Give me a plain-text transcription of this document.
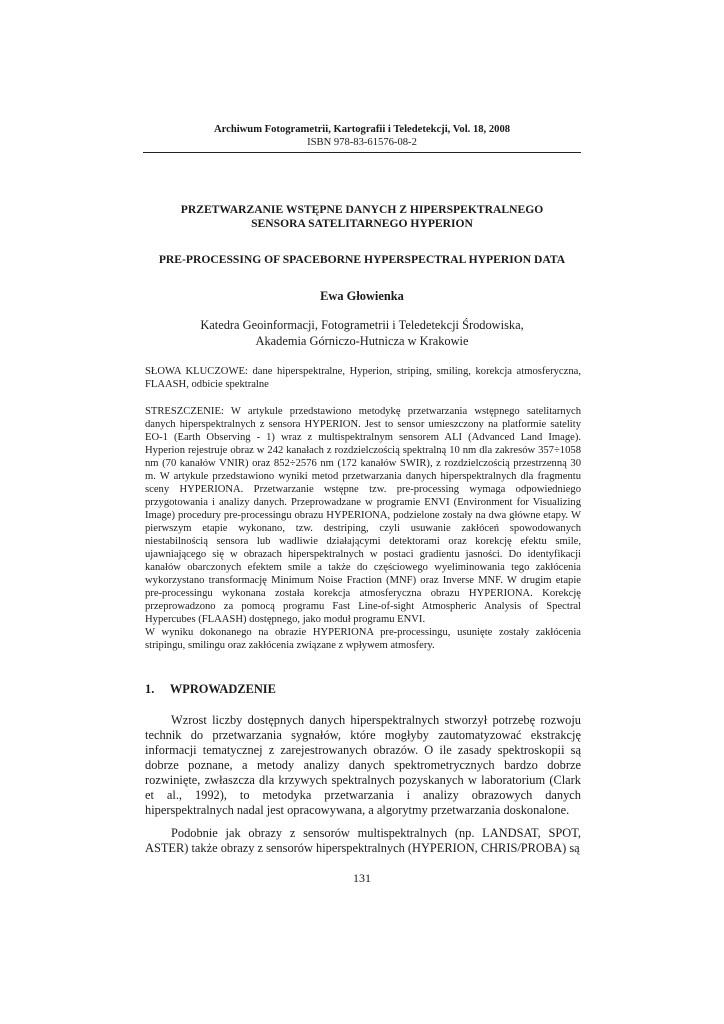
Archiwum Fotogrametrii, Kartografii i Teledetekcji, Vol. 18, 2008
ISBN 978-83-61576-08-2
PRZETWARZANIE WSTĘPNE DANYCH Z HIPERSPEKTRALNEGO
SENSORA SATELITARNEGO HYPERION
PRE-PROCESSING OF SPACEBORNE HYPERSPECTRAL HYPERION DATA
Ewa Głowienka
Katedra Geoinformacji, Fotogrametrii i Teledetekcji Środowiska,
Akademia Górniczo-Hutnicza w Krakowie
SŁOWA KLUCZOWE: dane hiperspektralne, Hyperion, striping, smiling, korekcja atmosferyczna, FLAASH, odbicie spektralne

STRESZCZENIE: W artykule przedstawiono metodykę przetwarzania wstępnego satelitarnych danych hiperspektralnych z sensora HYPERION. Jest to sensor umieszczony na platformie satelity EO-1 (Earth Observing - 1) wraz z multispektralnym sensorem ALI (Advanced Land Image). Hyperion rejestruje obraz w 242 kanałach z rozdzielczością spektralną 10 nm dla zakresów 357÷1058 nm (70 kanałów VNIR) oraz 852÷2576 nm (172 kanałów SWIR), z rozdzielczością przestrzenną 30 m. W artykule przedstawiono wyniki metod przetwarzania danych hiperspektralnych dla fragmentu sceny HYPERIONA. Przetwarzanie wstępne tzw. pre-processing wymaga odpowiedniego przygotowania i analizy danych. Przeprowadzane w programie ENVI (Environment for Visualizing Image) procedury pre-processingu obrazu HYPERIONA, podzielone zostały na dwa główne etapy. W pierwszym etapie wykonano, tzw. destriping, czyli usuwanie zakłóceń spowodowanych niestabilnością sensora lub wadliwie działającymi detektorami oraz korekcję efektu smile, ujawniającego się w obrazach hiperspektralnych w postaci gradientu jasności. Do identyfikacji kanałów obarczonych efektem smile a także do częściowego wyeliminowania tego zakłócenia wykorzystano transformację Minimum Noise Fraction (MNF) oraz Inverse MNF. W drugim etapie pre-processingu wykonana została korekcja atmosferyczna obrazu HYPERIONA. Korekcję przeprowadzono za pomocą programu Fast Line-of-sight Atmospheric Analysis of Spectral Hypercubes (FLAASH) dostępnego, jako moduł programu ENVI.

W wyniku dokonanego na obrazie HYPERIONA pre-processingu, usunięte zostały zakłócenia stripingu, smilingu oraz zakłócenia związane z wpływem atmosfery.

1. WPROWADZENIE

Wzrost liczby dostępnych danych hiperspektralnych stworzył potrzebę rozwoju technik do przetwarzania sygnałów, które mogłyby zautomatyzować ekstrakcję informacji tematycznej z zarejestrowanych obrazów. O ile zasady spektroskopii są dobrze poznane, a metody analizy danych spektrometrycznych bardzo dobrze rozwinięte, zwłaszcza dla krzywych spektralnych pozyskanych w laboratorium (Clark et al., 1992), to metodyka przetwarzania i analizy obrazowych danych hiperspektralnych nadal jest opracowywana, a algorytmy przetwarzania doskonalone.

Podobnie jak obrazy z sensorów multispektralnych (np. LANDSAT, SPOT, ASTER) także obrazy z sensorów hiperspektralnych (HYPERION, CHRIS/PROBA) są

131
